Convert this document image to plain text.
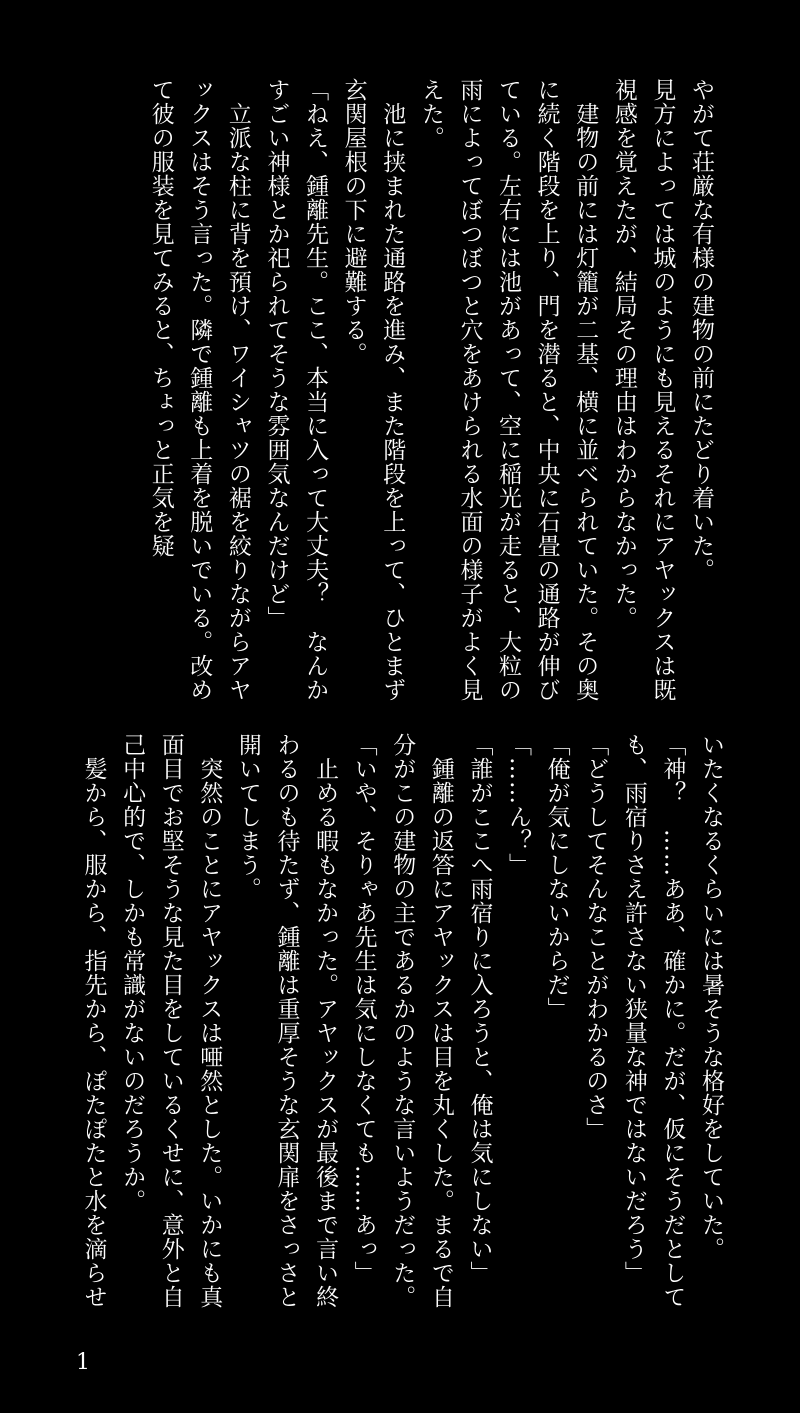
やがて荘厳な有様の建物の前にたどり着いた。
見方によっては城のようにも見えるそれにアヤックスは既視感を覚えたが、結局その理由はわからなかった。

　建物の前には灯籠が二基、横に並べられていた。その奥に続く階段を上り、門を潜ると、中央に石畳の通路が伸びている。左右には池があって、空に稲光が走ると、大粒の雨によってぼつぼつと穴をあけられる水面の様子がよく見えた。

　池に挟まれた通路を進み、また階段を上って、ひとまず玄関屋根の下に避難する。

「ねえ、鍾離先生。ここ、本当に入って大丈夫？　なんかすごい神様とか祀られてそうな雰囲気なんだけど」

　立派な柱に背を預け、ワイシャツの裾を絞りながらアヤックスはそう言った。隣で鍾離も上着を脱いでいる。改めて彼の服装を見てみると、ちょっと正気を疑

いたくなるくらいには暑そうな格好をしていた。

「神？　……ああ、確かに。だが、仮にそうだとしても、雨宿りさえ許さない狭量な神ではないだろう」

「どうしてそんなことがわかるのさ」

「俺が気にしないからだ」

「……ん？」

「誰がここへ雨宿りに入ろうと、俺は気にしない」

　鍾離の返答にアヤックスは目を丸くした。まるで自分がこの建物の主であるかのような言いようだった。

「いや、そりゃあ先生は気にしなくても……あっ」

　止める暇もなかった。アヤックスが最後まで言い終わるのも待たず、鍾離は重厚そうな玄関扉をさっさと開いてしまう。

　突然のことにアヤックスは唖然とした。いかにも真面目でお堅そうな見た目をしているくせに、意外と自己中心的で、しかも常識がないのだろうか。

　髪から、服から、指先から、ぽたぽたと水を滴らせ

1
